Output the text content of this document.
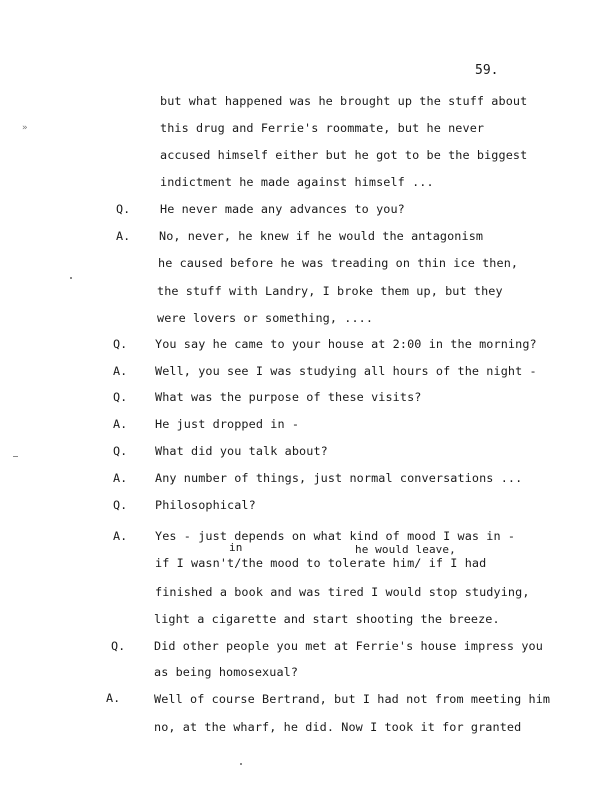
59.
»
Q.
A.
Q.
A.
Q.
A.
Q.
A.
Q.
A.
Q.
A.
but what happened was he brought up the stuff about
this drug and Ferrie's roommate, but he never
accused himself either but he got to be the biggest
indictment he made against himself ...
He never made any advances to you?
No, never, he knew if he would the antagonism
he caused before he was treading on thin ice then,
the stuff with Landry, I broke them up, but they
were lovers or something, ....
You say he came to your house at 2:00 in the morning?
Well, you see I was studying all hours of the night -
What was the purpose of these visits?
He just dropped in -
What did you talk about?
Any number of things, just normal conversations ...
Philosophical?
Yes - just depends on what kind of mood I was in -
in	he would leave,
if I wasn't/the mood to tolerate him/ if I had
finished a book and was tired I would stop studying,
light a cigarette and start shooting the breeze.
Did other people you met at Ferrie's house impress you
as being homosexual?
Well of course Bertrand, but I had not from meeting him
no, at the wharf, he did. Now I took it for granted
